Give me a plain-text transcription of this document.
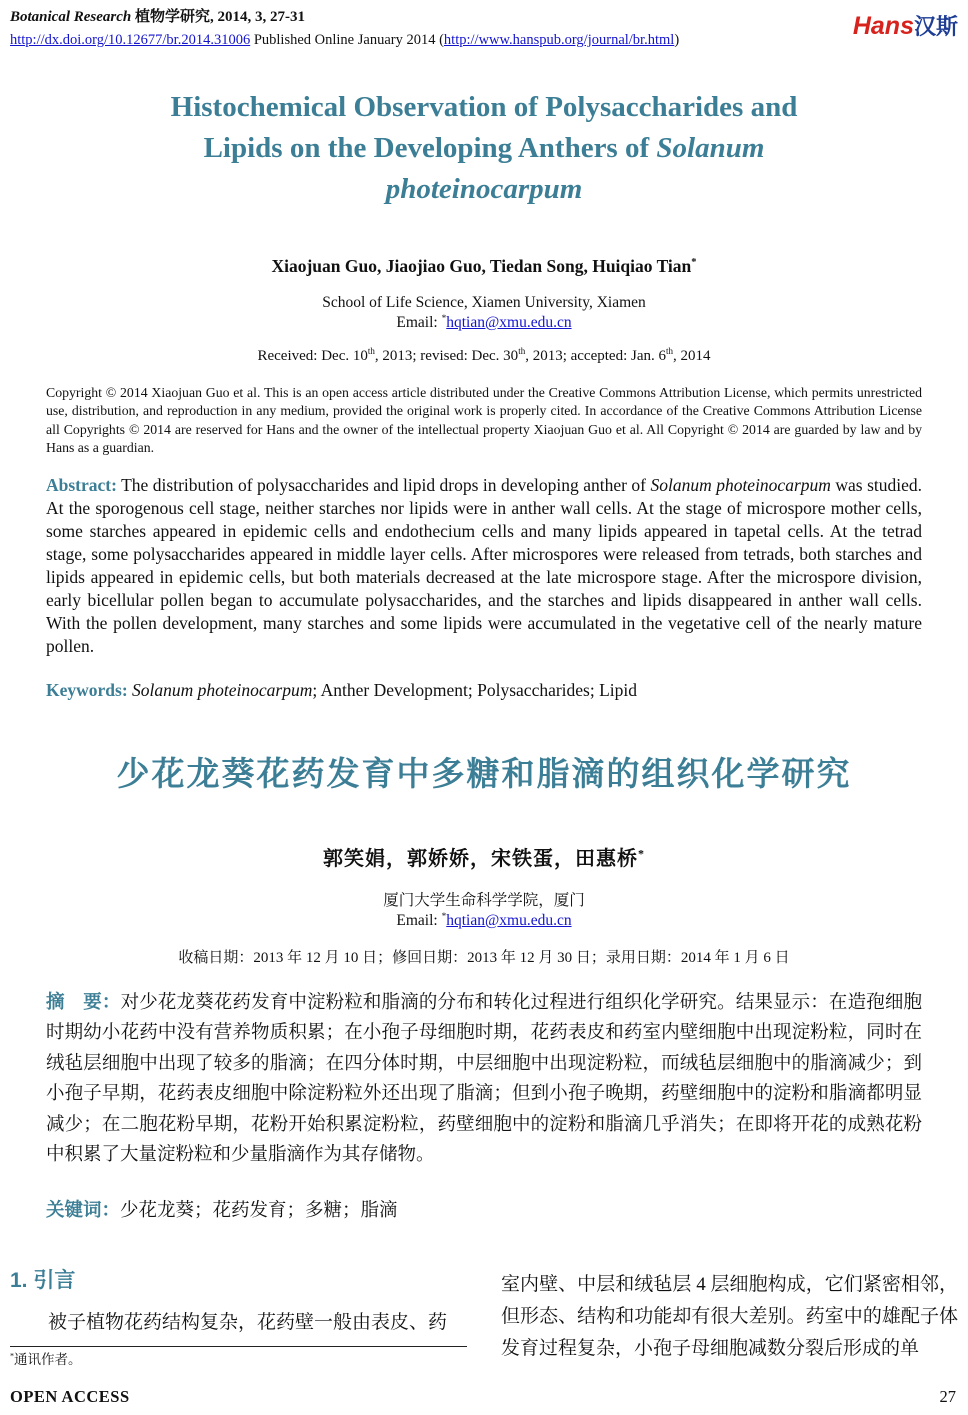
Botanical Research 植物学研究, 2014, 3, 27-31
http://dx.doi.org/10.12677/br.2014.31006 Published Online January 2014 (http://www.hanspub.org/journal/br.html)	Hans汉斯
Histochemical Observation of Polysaccharides and
Lipids on the Developing Anthers of Solanum
photeinocarpum
Xiaojuan Guo, Jiaojiao Guo, Tiedan Song, Huiqiao Tian*
School of Life Science, Xiamen University, Xiamen
Email: *hqtian@xmu.edu.cn
Received: Dec. 10th, 2013; revised: Dec. 30th, 2013; accepted: Jan. 6th, 2014

Copyright © 2014 Xiaojuan Guo et al. This is an open access article distributed under the Creative Commons Attribution License, which permits unrestricted use, distribution, and reproduction in any medium, provided the original work is properly cited. In accordance of the Creative Commons Attribution License all Copyrights © 2014 are reserved for Hans and the owner of the intellectual property Xiaojuan Guo et al. All Copyright © 2014 are guarded by law and by Hans as a guardian.

Abstract: The distribution of polysaccharides and lipid drops in developing anther of Solanum photeinocarpum was studied. At the sporogenous cell stage, neither starches nor lipids were in anther wall cells. At the stage of microspore mother cells, some starches appeared in epidemic cells and endothecium cells and many lipids appeared in tapetal cells. At the tetrad stage, some polysaccharides appeared in middle layer cells. After microspores were released from tetrads, both starches and lipids appeared in epidemic cells, but both materials decreased at the late microspore stage. After the microspore division, early bicellular pollen began to accumulate polysaccharides, and the starches and lipids disappeared in anther wall cells. With the pollen development, many starches and some lipids were accumulated in the vegetative cell of the nearly mature pollen.

Keywords: Solanum photeinocarpum; Anther Development; Polysaccharides; Lipid

少花龙葵花药发育中多糖和脂滴的组织化学研究
郭笑娟，郭娇娇，宋铁蛋，田惠桥*
厦门大学生命科学学院，厦门
Email: *hqtian@xmu.edu.cn
收稿日期：2013 年 12 月 10 日；修回日期：2013 年 12 月 30 日；录用日期：2014 年 1 月 6 日

摘　要：对少花龙葵花药发育中淀粉粒和脂滴的分布和转化过程进行组织化学研究。结果显示：在造孢细胞时期幼小花药中没有营养物质积累；在小孢子母细胞时期，花药表皮和药室内壁细胞中出现淀粉粒，同时在绒毡层细胞中出现了较多的脂滴；在四分体时期，中层细胞中出现淀粉粒，而绒毡层细胞中的脂滴减少；到小孢子早期，花药表皮细胞中除淀粉粒外还出现了脂滴；但到小孢子晚期，药壁细胞中的淀粉和脂滴都明显减少；在二胞花粉早期，花粉开始积累淀粉粒，药壁细胞中的淀粉和脂滴几乎消失；在即将开花的成熟花粉中积累了大量淀粉粒和少量脂滴作为其存储物。

关键词：少花龙葵；花药发育；多糖；脂滴

1. 引言

被子植物花药结构复杂，花药壁一般由表皮、药

*通讯作者。

室内壁、中层和绒毡层 4 层细胞构成，它们紧密相邻，但形态、结构和功能却有很大差别。药室中的雄配子体发育过程复杂，小孢子母细胞减数分裂后形成的单

OPEN ACCESS	27
